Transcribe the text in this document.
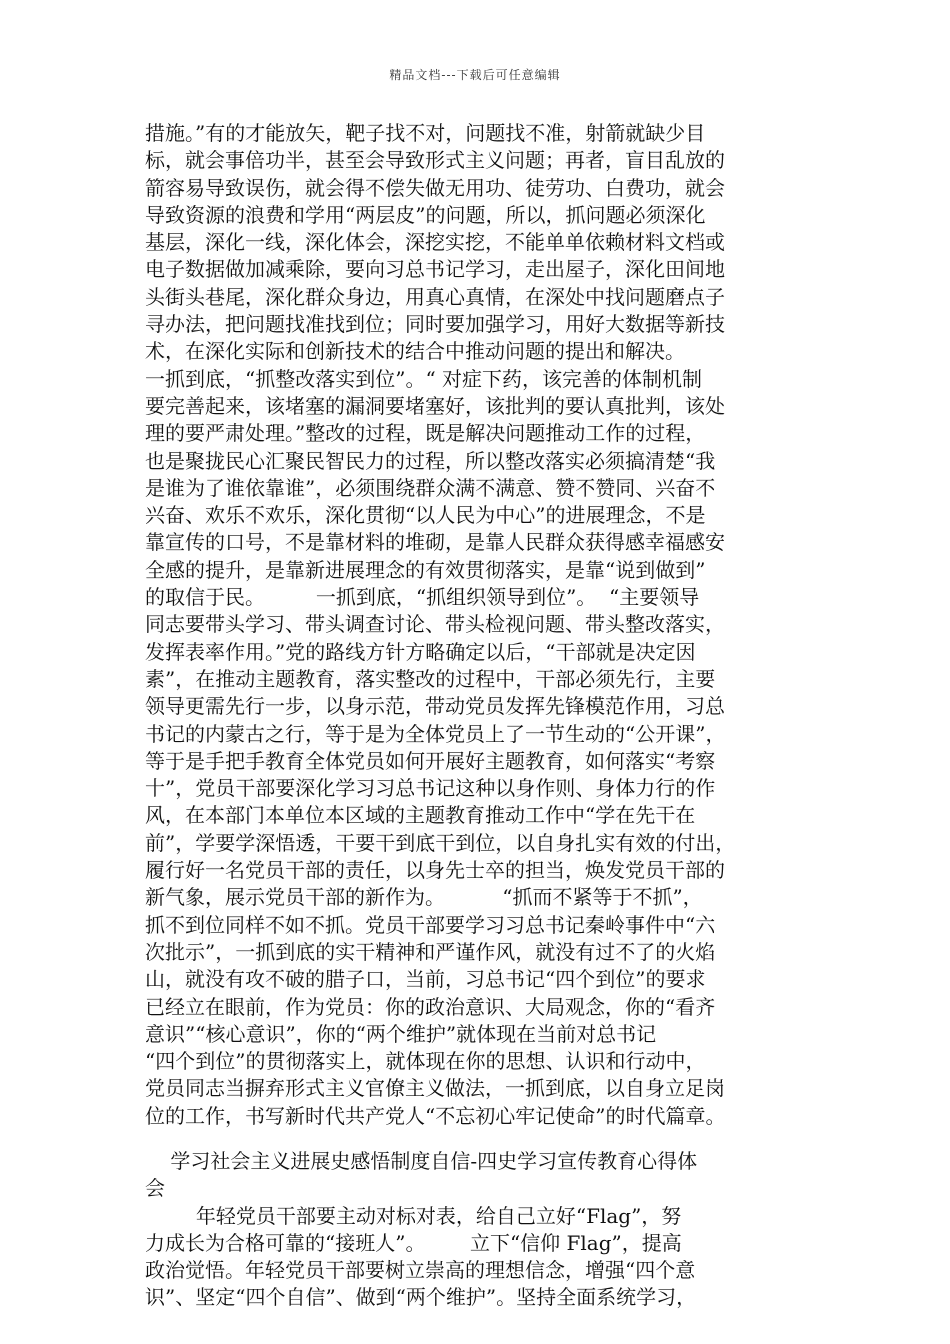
精品文档---下载后可任意编辑
措施。”有的才能放矢，靶子找不对，问题找不准，射箭就缺少目
标，就会事倍功半，甚至会导致形式主义问题；再者，盲目乱放的
箭容易导致误伤，就会得不偿失做无用功、徒劳功、白费功，就会
导致资源的浪费和学用“两层皮”的问题，所以，抓问题必须深化
基层，深化一线，深化体会，深挖实挖，不能单单依赖材料文档或
电子数据做加减乘除，要向习总书记学习，走出屋子，深化田间地
头街头巷尾，深化群众身边，用真心真情，在深处中找问题磨点子
寻办法，把问题找准找到位；同时要加强学习，用好大数据等新技
术，在深化实际和创新技术的结合中推动问题的提出和解决。
一抓到底，“抓整改落实到位”。“ 对症下药，该完善的体制机制
要完善起来，该堵塞的漏洞要堵塞好，该批判的要认真批判，该处
理的要严肃处理。”整改的过程，既是解决问题推动工作的过程，
也是聚拢民心汇聚民智民力的过程，所以整改落实必须搞清楚“我
是谁为了谁依靠谁”，必须围绕群众满不满意、赞不赞同、兴奋不
兴奋、欢乐不欢乐，深化贯彻“以人民为中心”的进展理念，不是
靠宣传的口号，不是靠材料的堆砌，是靠人民群众获得感幸福感安
全感的提升，是靠新进展理念的有效贯彻落实，是靠“说到做到”
的取信于民。        一抓到底，“抓组织领导到位”。  “主要领导
同志要带头学习、带头调查讨论、带头检视问题、带头整改落实，
发挥表率作用。”党的路线方针方略确定以后，“干部就是决定因
素”，在推动主题教育，落实整改的过程中，干部必须先行，主要
领导更需先行一步，以身示范，带动党员发挥先锋模范作用，习总
书记的内蒙古之行，等于是为全体党员上了一节生动的“公开课”，
等于是手把手教育全体党员如何开展好主题教育，如何落实“考察
十”，党员干部要深化学习习总书记这种以身作则、身体力行的作
风，在本部门本单位本区域的主题教育推动工作中“学在先干在
前”，学要学深悟透，干要干到底干到位，以自身扎实有效的付出，
履行好一名党员干部的责任，以身先士卒的担当，焕发党员干部的
新气象，展示党员干部的新作为。         “抓而不紧等于不抓”，
抓不到位同样不如不抓。党员干部要学习习总书记秦岭事件中“六
次批示”，一抓到底的实干精神和严谨作风，就没有过不了的火焰
山，就没有攻不破的腊子口，当前，习总书记“四个到位”的要求
已经立在眼前，作为党员：你的政治意识、大局观念，你的“看齐
意识”“核心意识”，你的“两个维护”就体现在当前对总书记
“四个到位”的贯彻落实上，就体现在你的思想、认识和行动中，
党员同志当摒弃形式主义官僚主义做法，一抓到底，以自身立足岗
位的工作，书写新时代共产党人“不忘初心牢记使命”的时代篇章。
学习社会主义进展史感悟制度自信-四史学习宣传教育心得体
会
年轻党员干部要主动对标对表，给自己立好“Flag”，努
力成长为合格可靠的“接班人”。       立下“信仰 Flag”，提高
政治觉悟。年轻党员干部要树立崇高的理想信念，增强“四个意
识”、坚定“四个自信”、做到“两个维护”。坚持全面系统学习，
